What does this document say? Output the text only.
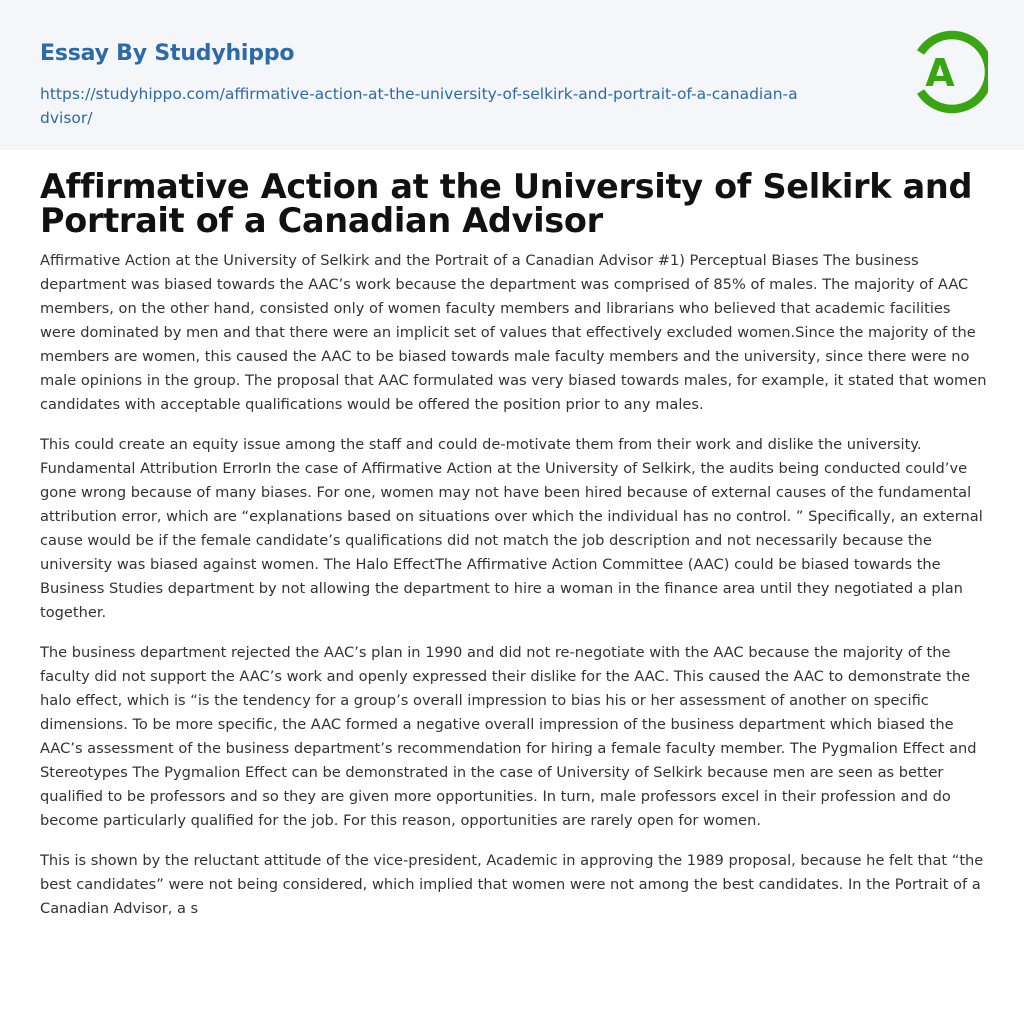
Essay By Studyhippo
https://studyhippo.com/affirmative-action-at-the-university-of-selkirk-and-portrait-of-a-canadian-advisor/
A
Affirmative Action at the University of Selkirk and Portrait of a Canadian Advisor

Affirmative Action at the University of Selkirk and the Portrait of a Canadian Advisor #1) Perceptual Biases The business department was biased towards the AAC’s work because the department was comprised of 85% of males. The majority of AAC members, on the other hand, consisted only of women faculty members and librarians who believed that academic facilities were dominated by men and that there were an implicit set of values that effectively excluded women.Since the majority of the members are women, this caused the AAC to be biased towards male faculty members and the university, since there were no male opinions in the group. The proposal that AAC formulated was very biased towards males, for example, it stated that women candidates with acceptable qualifications would be offered the position prior to any males.

This could create an equity issue among the staff and could de-motivate them from their work and dislike the university. Fundamental Attribution ErrorIn the case of Affirmative Action at the University of Selkirk, the audits being conducted could’ve gone wrong because of many biases. For one, women may not have been hired because of external causes of the fundamental attribution error, which are “explanations based on situations over which the individual has no control. ” Specifically, an external cause would be if the female candidate’s qualifications did not match the job description and not necessarily because the university was biased against women. The Halo EffectThe Affirmative Action Committee (AAC) could be biased towards the Business Studies department by not allowing the department to hire a woman in the finance area until they negotiated a plan together.

The business department rejected the AAC’s plan in 1990 and did not re-negotiate with the AAC because the majority of the faculty did not support the AAC’s work and openly expressed their dislike for the AAC. This caused the AAC to demonstrate the halo effect, which is “is the tendency for a group’s overall impression to bias his or her assessment of another on specific dimensions. To be more specific, the AAC formed a negative overall impression of the business department which biased the AAC’s assessment of the business department’s recommendation for hiring a female faculty member. The Pygmalion Effect and Stereotypes The Pygmalion Effect can be demonstrated in the case of University of Selkirk because men are seen as better qualified to be professors and so they are given more opportunities. In turn, male professors excel in their profession and do become particularly qualified for the job. For this reason, opportunities are rarely open for women.

This is shown by the reluctant attitude of the vice-president, Academic in approving the 1989 proposal, because he felt that “the best candidates” were not being considered, which implied that women were not among the best candidates. In the Portrait of a Canadian Advisor, a s
